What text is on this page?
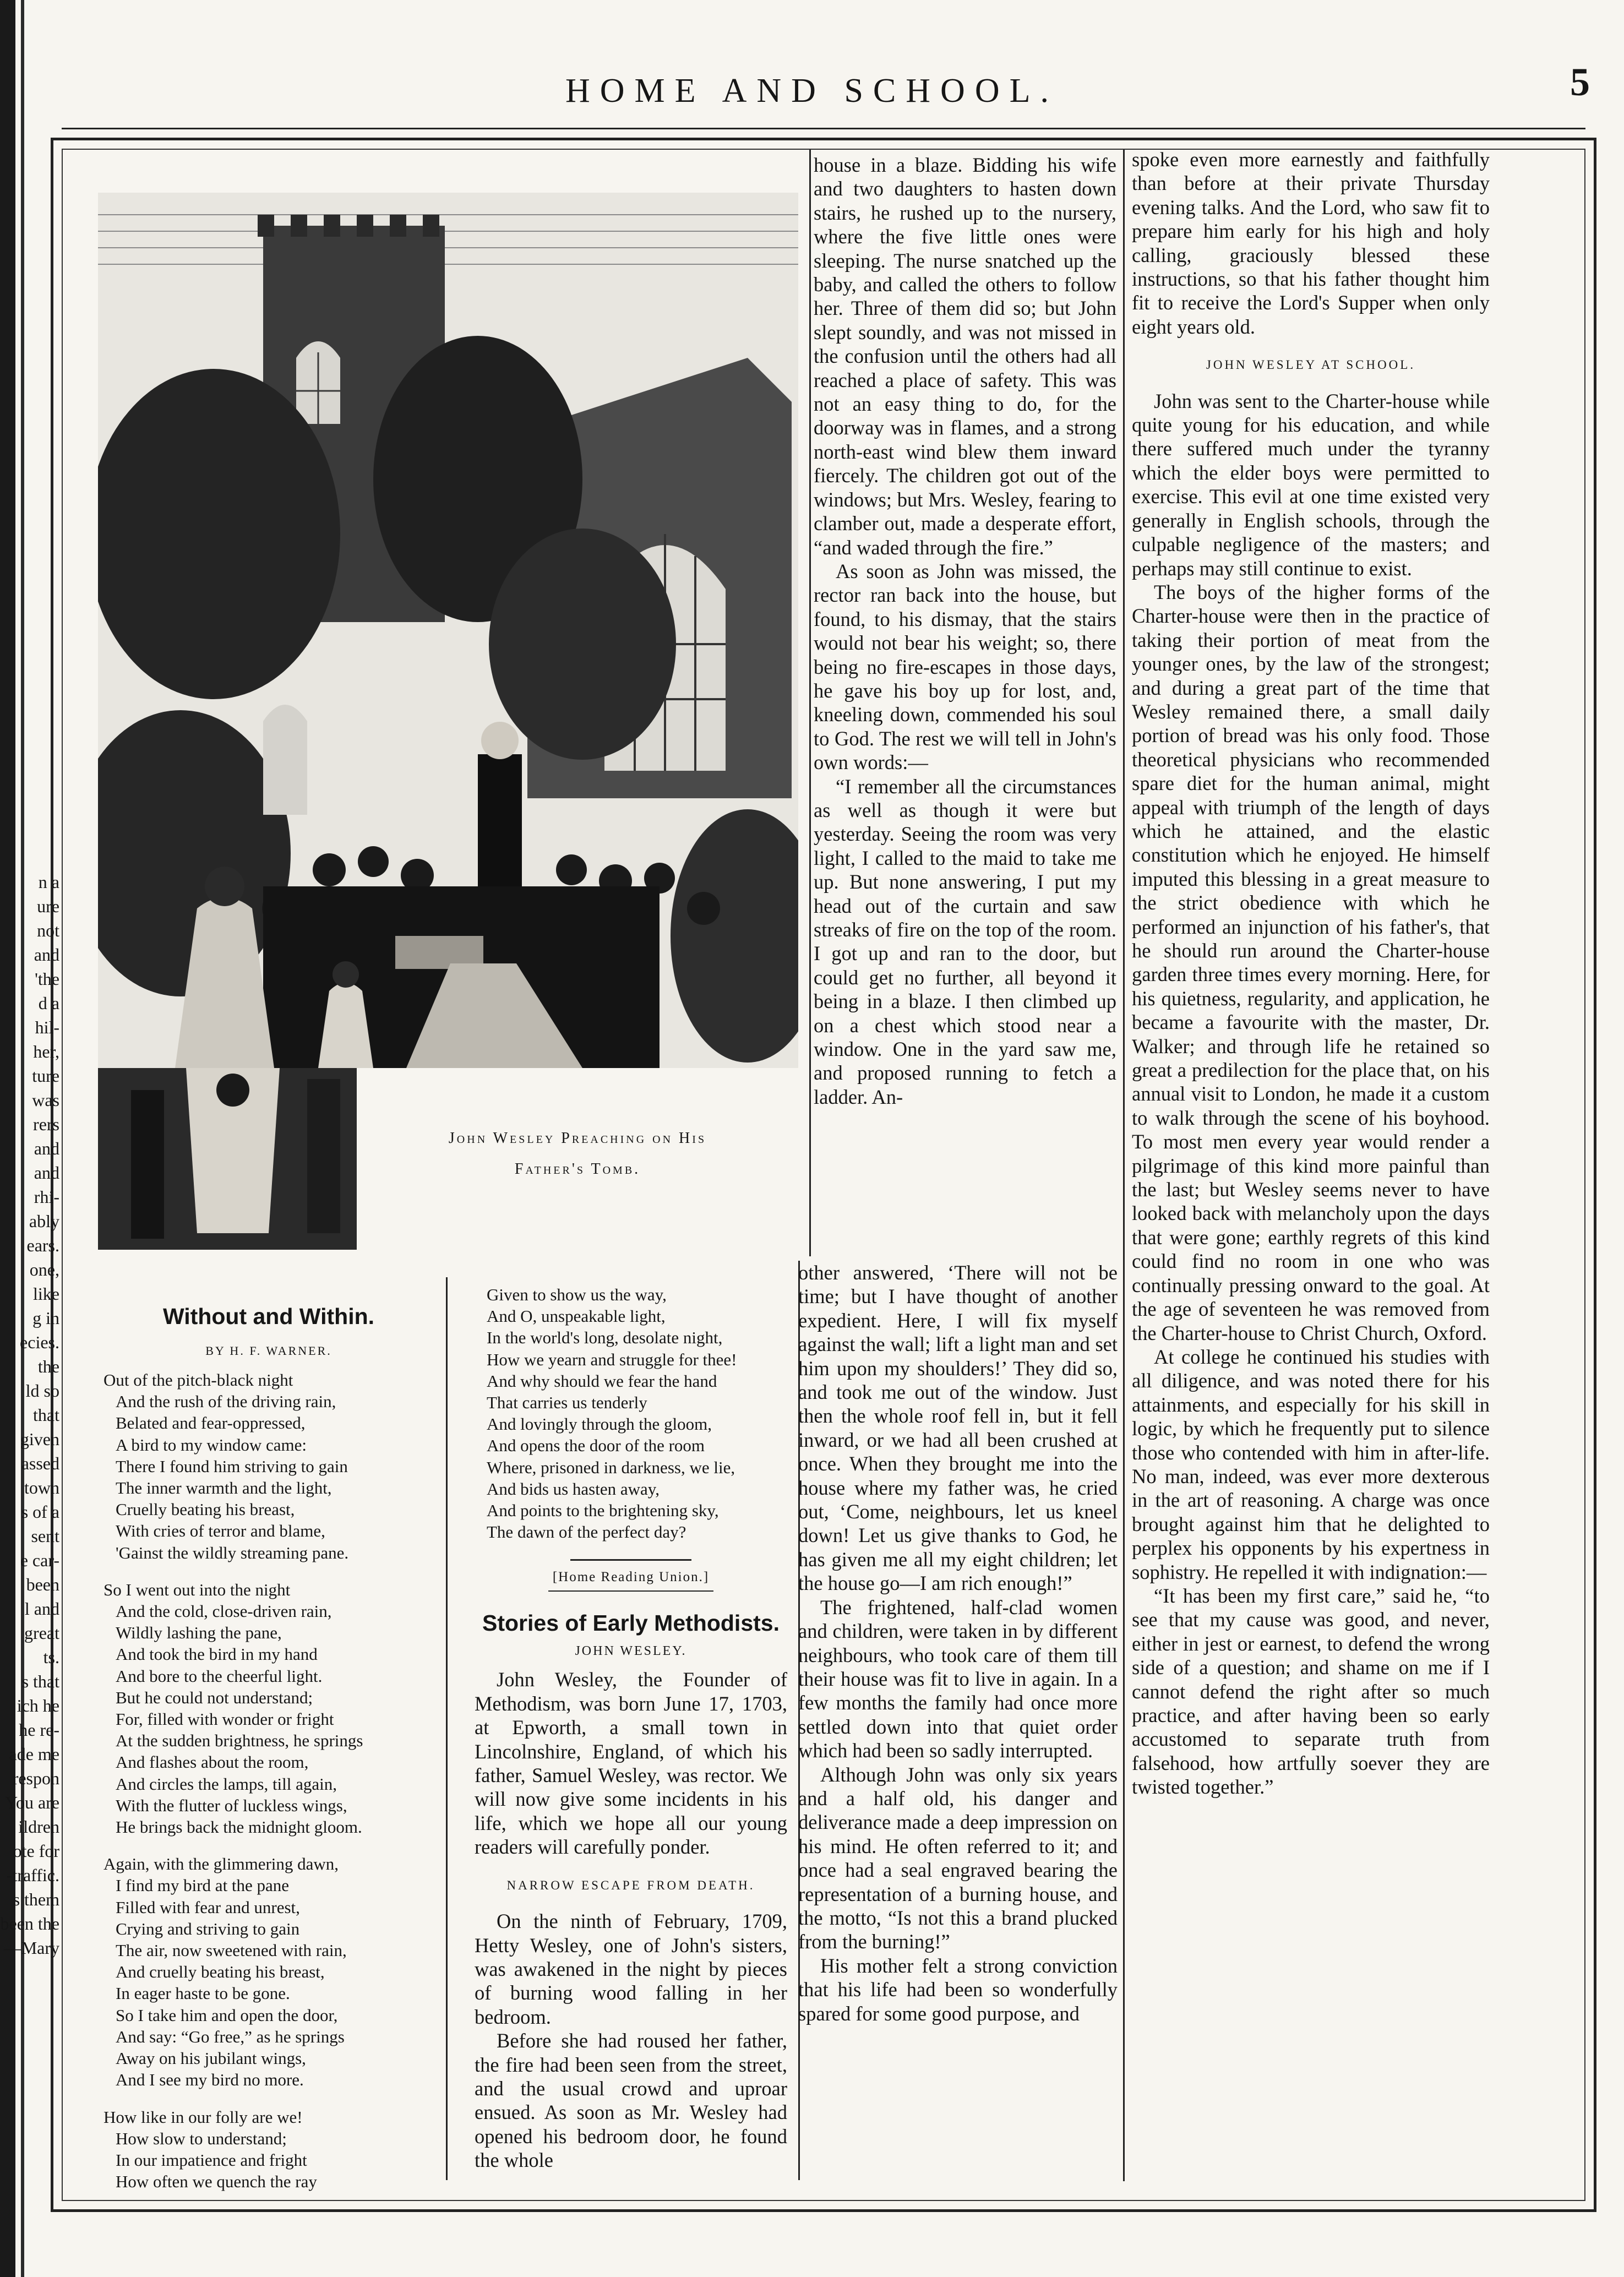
HOME AND SCHOOL.	5
n a
ure
not
and
'the
d a
hil-
her,
ture
was
rers
and
and
rhi-
ably
ears.
one,
like
g in
ecies.
the
ld so
that
given
assed
town
s of a
sent
e car-
been
l and
great
ts.
s that
ich he
he re-
ade me
respon
You are
ildren
ote for
-traffic.
s them
been the
—Mary
John Wesley Preaching on His
Father's Tomb.
Without and Within.
BY H. F. WARNER.
Out of the pitch-black night
And the rush of the driving rain,
Belated and fear-oppressed,
A bird to my window came:
There I found him striving to gain
The inner warmth and the light,
Cruelly beating his breast,
With cries of terror and blame,
'Gainst the wildly streaming pane.
So I went out into the night
And the cold, close-driven rain,
Wildly lashing the pane,
And took the bird in my hand
And bore to the cheerful light.
But he could not understand;
For, filled with wonder or fright
At the sudden brightness, he springs
And flashes about the room,
And circles the lamps, till again,
With the flutter of luckless wings,
He brings back the midnight gloom.
Again, with the glimmering dawn,
I find my bird at the pane
Filled with fear and unrest,
Crying and striving to gain
The air, now sweetened with rain,
And cruelly beating his breast,
In eager haste to be gone.
So I take him and open the door,
And say: “Go free,” as he springs
Away on his jubilant wings,
And I see my bird no more.
How like in our folly are we!
How slow to understand;
In our impatience and fright
How often we quench the ray
Given to show us the way,
And O, unspeakable light,
In the world's long, desolate night,
How we yearn and struggle for thee!
And why should we fear the hand
That carries us tenderly
And lovingly through the gloom,
And opens the door of the room
Where, prisoned in darkness, we lie,
And bids us hasten away,
And points to the brightening sky,
The dawn of the perfect day?
[Home Reading Union.]
Stories of Early Methodists.
JOHN WESLEY.

John Wesley, the Founder of Methodism, was born June 17, 1703, at Epworth, a small town in Lincolnshire, England, of which his father, Samuel Wesley, was rector. We will now give some incidents in his life, which we hope all our young readers will carefully ponder.

NARROW ESCAPE FROM DEATH.

On the ninth of February, 1709, Hetty Wesley, one of John's sisters, was awakened in the night by pieces of burning wood falling in her bedroom.

Before she had roused her father, the fire had been seen from the street, and the usual crowd and uproar ensued. As soon as Mr. Wesley had opened his bedroom door, he found the whole

house in a blaze. Bidding his wife and two daughters to hasten down stairs, he rushed up to the nursery, where the five little ones were sleeping. The nurse snatched up the baby, and called the others to follow her. Three of them did so; but John slept soundly, and was not missed in the confusion until the others had all reached a place of safety. This was not an easy thing to do, for the doorway was in flames, and a strong north-east wind blew them inward fiercely. The children got out of the windows; but Mrs. Wesley, fearing to clamber out, made a desperate effort, “and waded through the fire.”

As soon as John was missed, the rector ran back into the house, but found, to his dismay, that the stairs would not bear his weight; so, there being no fire-escapes in those days, he gave his boy up for lost, and, kneeling down, commended his soul to God. The rest we will tell in John's own words:—

“I remember all the circumstances as well as though it were but yesterday. Seeing the room was very light, I called to the maid to take me up. But none answering, I put my head out of the curtain and saw streaks of fire on the top of the room. I got up and ran to the door, but could get no further, all beyond it being in a blaze. I then climbed up on a chest which stood near a window. One in the yard saw me, and proposed running to fetch a ladder. An-

other answered, ‘There will not be time; but I have thought of another expedient. Here, I will fix myself against the wall; lift a light man and set him upon my shoulders!’ They did so, and took me out of the window. Just then the whole roof fell in, but it fell inward, or we had all been crushed at once. When they brought me into the house where my father was, he cried out, ‘Come, neighbours, let us kneel down! Let us give thanks to God, he has given me all my eight children; let the house go—I am rich enough!”

The frightened, half-clad women and children, were taken in by different neighbours, who took care of them till their house was fit to live in again. In a few months the family had once more settled down into that quiet order which had been so sadly interrupted.

Although John was only six years and a half old, his danger and deliverance made a deep impression on his mind. He often referred to it; and once had a seal engraved bearing the representation of a burning house, and the motto, “Is not this a brand plucked from the burning!”

His mother felt a strong conviction that his life had been so wonderfully spared for some good purpose, and

spoke even more earnestly and faithfully than before at their private Thursday evening talks. And the Lord, who saw fit to prepare him early for his high and holy calling, graciously blessed these instructions, so that his father thought him fit to receive the Lord's Supper when only eight years old.

JOHN WESLEY AT SCHOOL.

John was sent to the Charter-house while quite young for his education, and while there suffered much under the tyranny which the elder boys were permitted to exercise. This evil at one time existed very generally in English schools, through the culpable negligence of the masters; and perhaps may still continue to exist.

The boys of the higher forms of the Charter-house were then in the practice of taking their portion of meat from the younger ones, by the law of the strongest; and during a great part of the time that Wesley remained there, a small daily portion of bread was his only food. Those theoretical physicians who recommended spare diet for the human animal, might appeal with triumph of the length of days which he attained, and the elastic constitution which he enjoyed. He himself imputed this blessing in a great measure to the strict obedience with which he performed an injunction of his father's, that he should run around the Charter-house garden three times every morning. Here, for his quietness, regularity, and application, he became a favourite with the master, Dr. Walker; and through life he retained so great a predilection for the place that, on his annual visit to London, he made it a custom to walk through the scene of his boyhood. To most men every year would render a pilgrimage of this kind more painful than the last; but Wesley seems never to have looked back with melancholy upon the days that were gone; earthly regrets of this kind could find no room in one who was continually pressing onward to the goal. At the age of seventeen he was removed from the Charter-house to Christ Church, Oxford.

At college he continued his studies with all diligence, and was noted there for his attainments, and especially for his skill in logic, by which he frequently put to silence those who contended with him in after-life. No man, indeed, was ever more dexterous in the art of reasoning. A charge was once brought against him that he delighted to perplex his opponents by his expertness in sophistry. He repelled it with indignation:—

“It has been my first care,” said he, “to see that my cause was good, and never, either in jest or earnest, to defend the wrong side of a question; and shame on me if I cannot defend the right after so much practice, and after having been so early accustomed to separate truth from falsehood, how artfully soever they are twisted together.”
